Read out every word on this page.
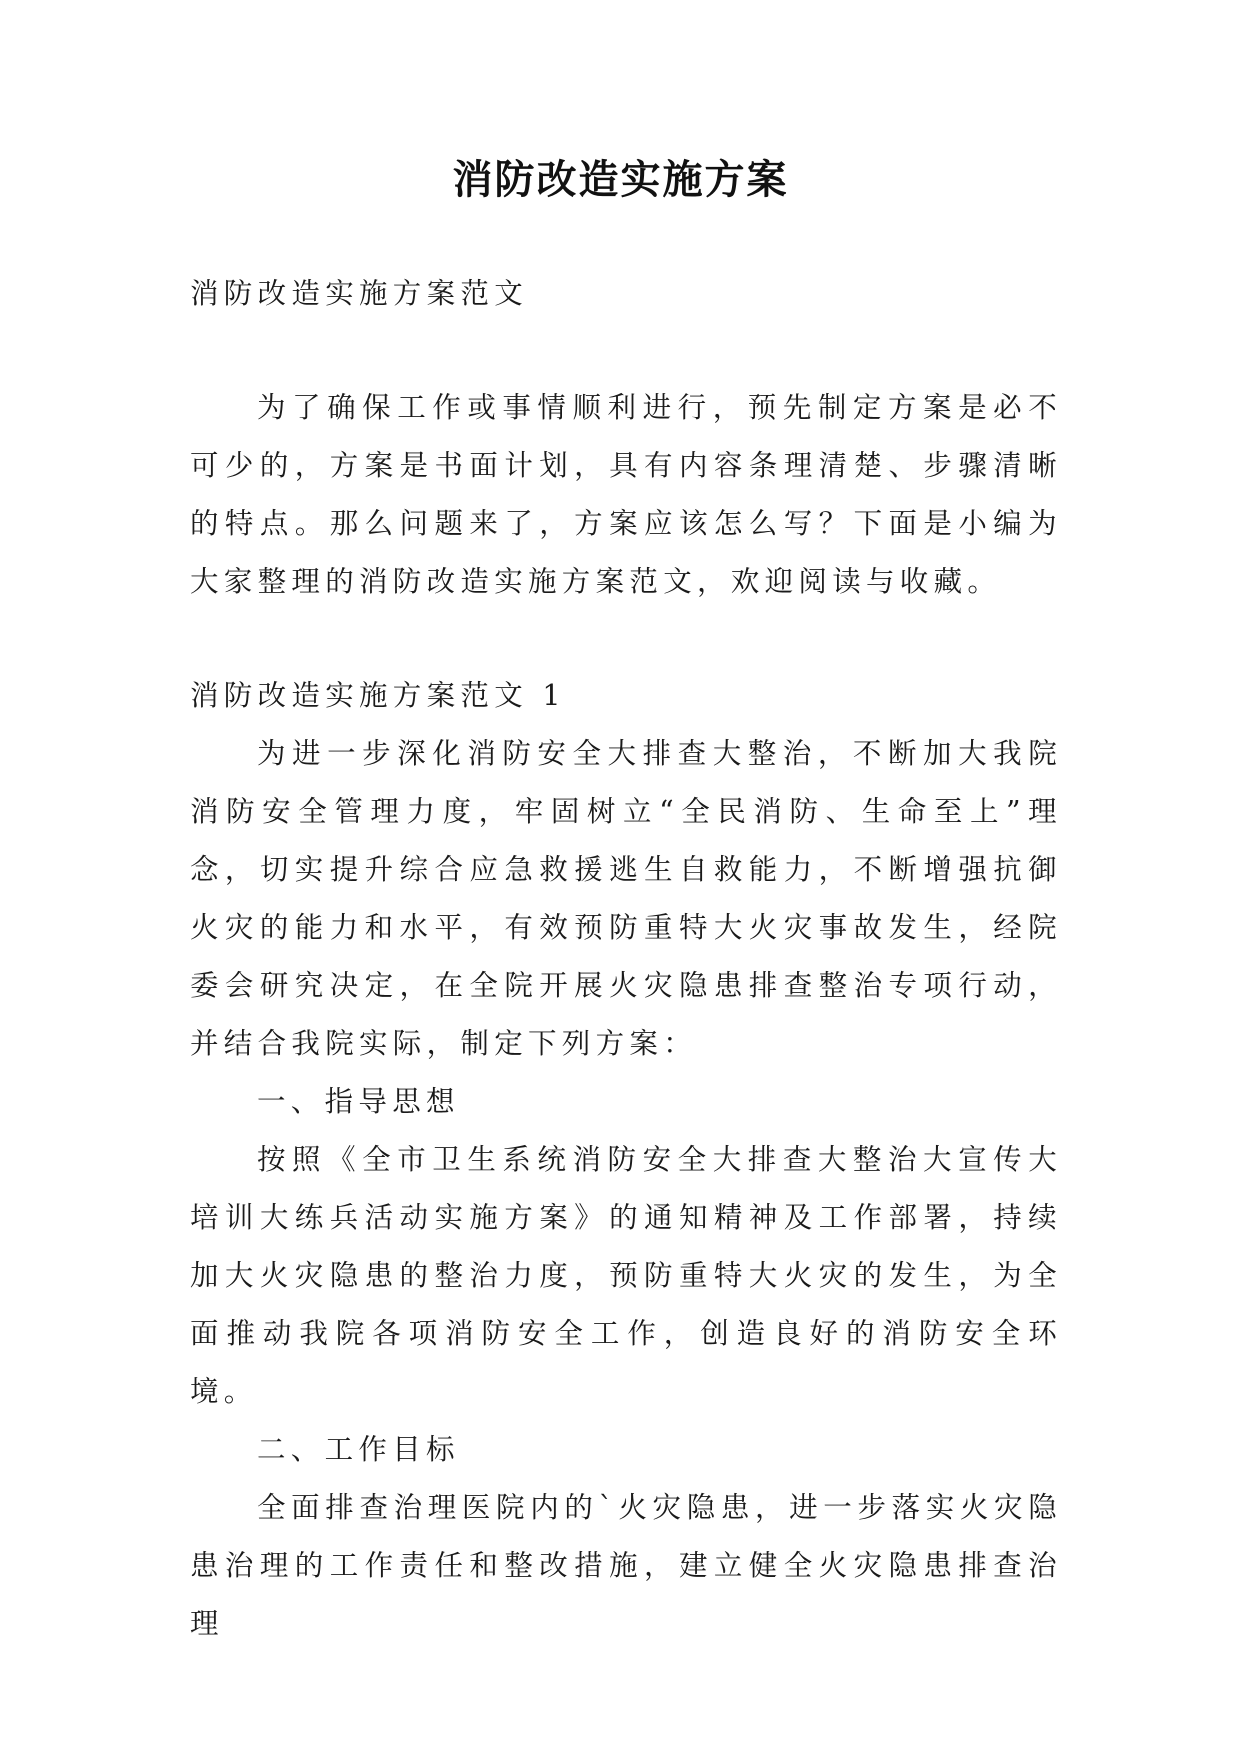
消防改造实施方案

消防改造实施方案范文

为了确保工作或事情顺利进行，预先制定方案是必不可少的，方案是书面计划，具有内容条理清楚、步骤清晰的特点。那么问题来了，方案应该怎么写？下面是小编为大家整理的消防改造实施方案范文，欢迎阅读与收藏。

消防改造实施方案范文 1

为进一步深化消防安全大排查大整治，不断加大我院消防安全管理力度，牢固树立“全民消防、生命至上”理念，切实提升综合应急救援逃生自救能力，不断增强抗御火灾的能力和水平，有效预防重特大火灾事故发生，经院委会研究决定，在全院开展火灾隐患排查整治专项行动，并结合我院实际，制定下列方案：

一、指导思想

按照《全市卫生系统消防安全大排查大整治大宣传大培训大练兵活动实施方案》的通知精神及工作部署，持续加大火灾隐患的整治力度，预防重特大火灾的发生，为全面推动我院各项消防安全工作，创造良好的消防安全环境。

二、工作目标

全面排查治理医院内的`火灾隐患，进一步落实火灾隐患治理的工作责任和整改措施，建立健全火灾隐患排查治理
